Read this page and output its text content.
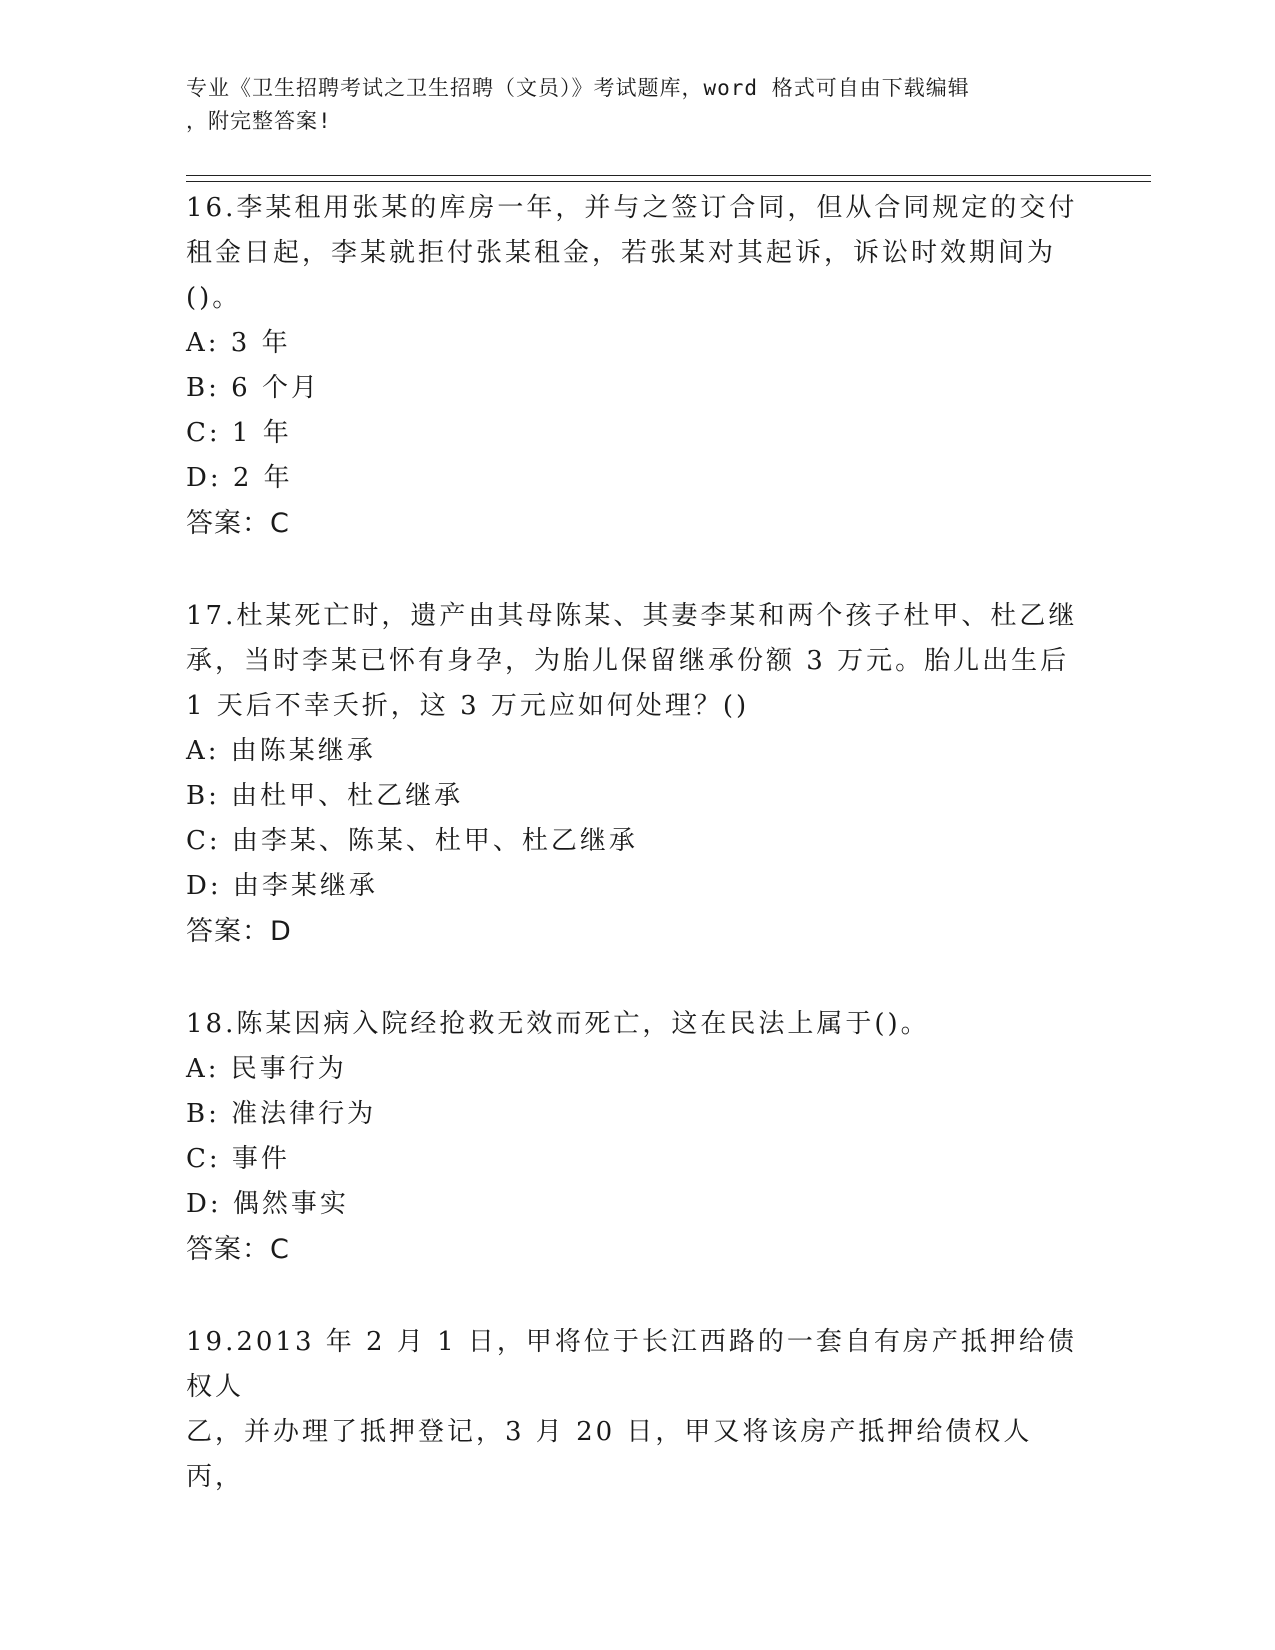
专业《卫生招聘考试之卫生招聘（文员）》考试题库，word 格式可自由下载编辑
，附完整答案!

16.李某租用张某的库房一年，并与之签订合同，但从合同规定的交付

租金日起，李某就拒付张某租金，若张某对其起诉，诉讼时效期间为

()。

A: 3 年

B: 6 个月

C: 1 年

D: 2 年

答案：C

17.杜某死亡时，遗产由其母陈某、其妻李某和两个孩子杜甲、杜乙继

承，当时李某已怀有身孕，为胎儿保留继承份额 3 万元。胎儿出生后

1 天后不幸夭折，这 3 万元应如何处理？()

A: 由陈某继承

B: 由杜甲、杜乙继承

C: 由李某、陈某、杜甲、杜乙继承

D: 由李某继承

答案：D

18.陈某因病入院经抢救无效而死亡，这在民法上属于()。

A: 民事行为

B: 准法律行为

C: 事件

D: 偶然事实

答案：C

19.2013 年 2 月 1 日，甲将位于长江西路的一套自有房产抵押给债权人

乙，并办理了抵押登记，3 月 20 日，甲又将该房产抵押给债权人丙，
